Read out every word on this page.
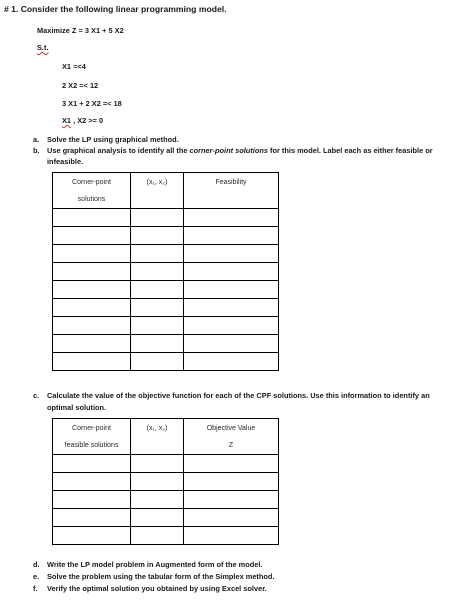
# 1. Consider the following linear programming model.
Maximize Z = 3 X1 + 5 X2
S.t.
X1 =<4
2 X2 =< 12
3 X1 + 2 X2 =< 18
X1 , X2 >= 0
a. Solve the LP using graphical method.
b. Use graphical analysis to identify all the corner-point solutions for this model. Label each as either feasible or
infeasible.
Corner-point
solutions	(x₁, x₂)	Feasibility

c. Calculate the value of the objective function for each of the CPF solutions. Use this information to identify an
optimal solution.
Corner-point
feasible solutions	(x₁, x₂)	Objective Value
Z

d. Write the LP model problem in Augmented form of the model.
e. Solve the problem using the tabular form of the Simplex method.
f. Verify the optimal solution you obtained by using Excel solver.
